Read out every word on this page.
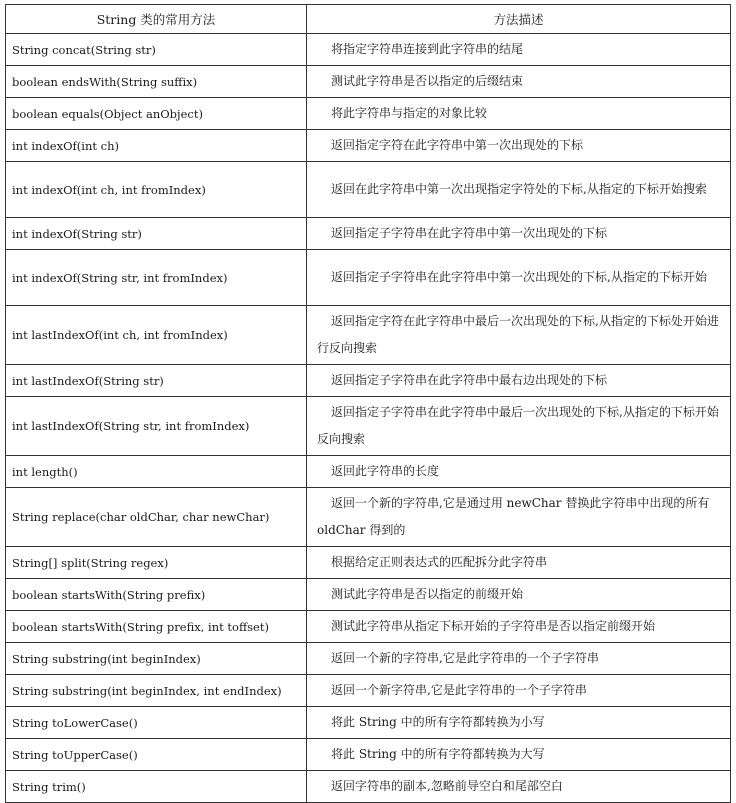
String 类的常用方法	方法描述
String concat(String str)	将指定字符串连接到此字符串的结尾
boolean endsWith(String suffix)	测试此字符串是否以指定的后缀结束
boolean equals(Object anObject)	将此字符串与指定的对象比较
int indexOf(int ch)	返回指定字符在此字符串中第一次出现处的下标
int indexOf(int ch, int fromIndex)	返回在此字符串中第一次出现指定字符处的下标,从指定的下标开始搜索
int indexOf(String str)	返回指定子字符串在此字符串中第一次出现处的下标
int indexOf(String str, int fromIndex)	返回指定子字符串在此字符串中第一次出现处的下标,从指定的下标开始
int lastIndexOf(int ch, int fromIndex)	返回指定字符在此字符串中最后一次出现处的下标,从指定的下标处开始进行反向搜索
int lastIndexOf(String str)	返回指定子字符串在此字符串中最右边出现处的下标
int lastIndexOf(String str, int fromIndex)	返回指定子字符串在此字符串中最后一次出现处的下标,从指定的下标开始反向搜索
int length()	返回此字符串的长度
String replace(char oldChar, char newChar)	返回一个新的字符串,它是通过用 newChar 替换此字符串中出现的所有 oldChar 得到的
String[] split(String regex)	根据给定正则表达式的匹配拆分此字符串
boolean startsWith(String prefix)	测试此字符串是否以指定的前缀开始
boolean startsWith(String prefix, int toffset)	测试此字符串从指定下标开始的子字符串是否以指定前缀开始
String substring(int beginIndex)	返回一个新的字符串,它是此字符串的一个子字符串
String substring(int beginIndex, int endIndex)	返回一个新字符串,它是此字符串的一个子字符串
String toLowerCase()	将此 String 中的所有字符都转换为小写
String toUpperCase()	将此 String 中的所有字符都转换为大写
String trim()	返回字符串的副本,忽略前导空白和尾部空白
